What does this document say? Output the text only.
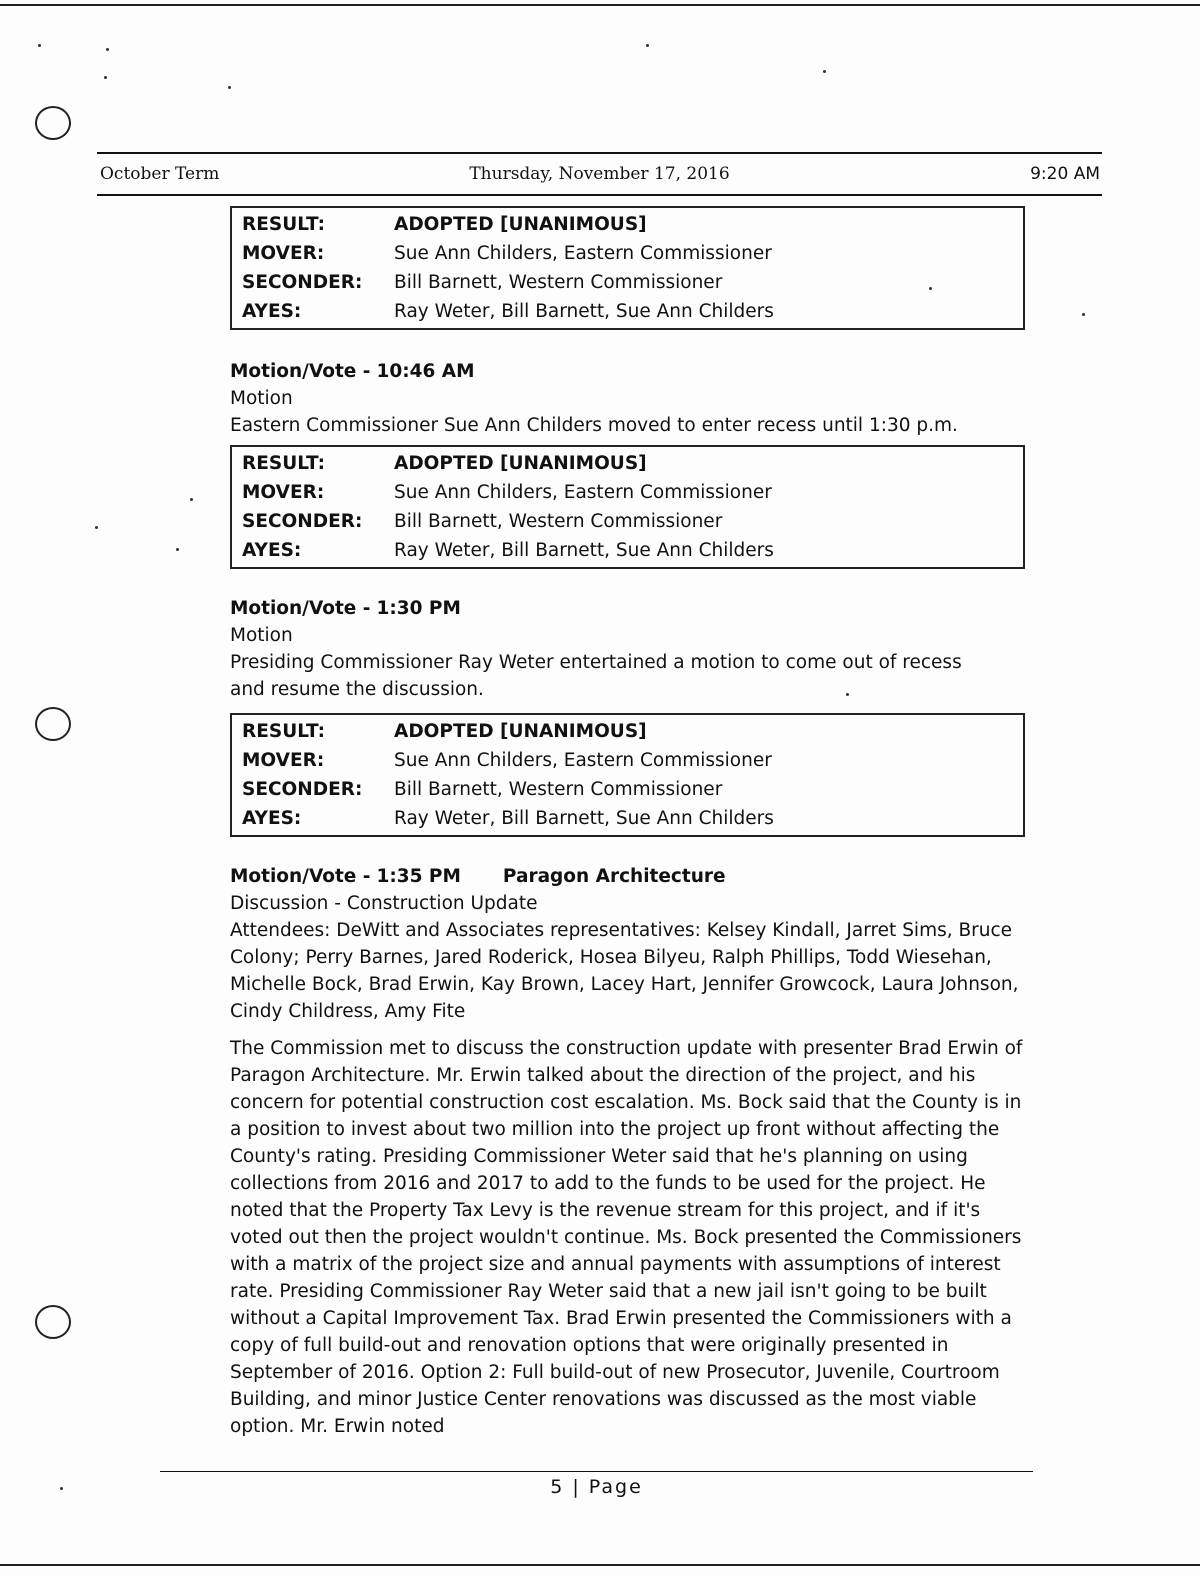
October Term	Thursday, November 17, 2016	9:20 AM
RESULT:	ADOPTED [UNANIMOUS]
MOVER:	Sue Ann Childers, Eastern Commissioner
SECONDER:	Bill Barnett, Western Commissioner
AYES:	Ray Weter, Bill Barnett, Sue Ann Childers
Motion/Vote - 10:46 AM

Motion

Eastern Commissioner Sue Ann Childers moved to enter recess until 1:30 p.m.

RESULT:	ADOPTED [UNANIMOUS]
MOVER:	Sue Ann Childers, Eastern Commissioner
SECONDER:	Bill Barnett, Western Commissioner
AYES:	Ray Weter, Bill Barnett, Sue Ann Childers
Motion/Vote - 1:30 PM

Motion

Presiding Commissioner Ray Weter entertained a motion to come out of recess and resume the discussion.

RESULT:	ADOPTED [UNANIMOUS]
MOVER:	Sue Ann Childers, Eastern Commissioner
SECONDER:	Bill Barnett, Western Commissioner
AYES:	Ray Weter, Bill Barnett, Sue Ann Childers
Motion/Vote - 1:35 PM Paragon Architecture

Discussion - Construction Update

Attendees: DeWitt and Associates representatives: Kelsey Kindall, Jarret Sims, Bruce Colony; Perry Barnes, Jared Roderick, Hosea Bilyeu, Ralph Phillips, Todd Wiesehan, Michelle Bock, Brad Erwin, Kay Brown, Lacey Hart, Jennifer Growcock, Laura Johnson, Cindy Childress, Amy Fite

The Commission met to discuss the construction update with presenter Brad Erwin of Paragon Architecture. Mr. Erwin talked about the direction of the project, and his concern for potential construction cost escalation. Ms. Bock said that the County is in a position to invest about two million into the project up front without affecting the County's rating. Presiding Commissioner Weter said that he's planning on using collections from 2016 and 2017 to add to the funds to be used for the project. He noted that the Property Tax Levy is the revenue stream for this project, and if it's voted out then the project wouldn't continue. Ms. Bock presented the Commissioners with a matrix of the project size and annual payments with assumptions of interest rate. Presiding Commissioner Ray Weter said that a new jail isn't going to be built without a Capital Improvement Tax. Brad Erwin presented the Commissioners with a copy of full build-out and renovation options that were originally presented in September of 2016. Option 2: Full build-out of new Prosecutor, Juvenile, Courtroom Building, and minor Justice Center renovations was discussed as the most viable option. Mr. Erwin noted

5 | Page
